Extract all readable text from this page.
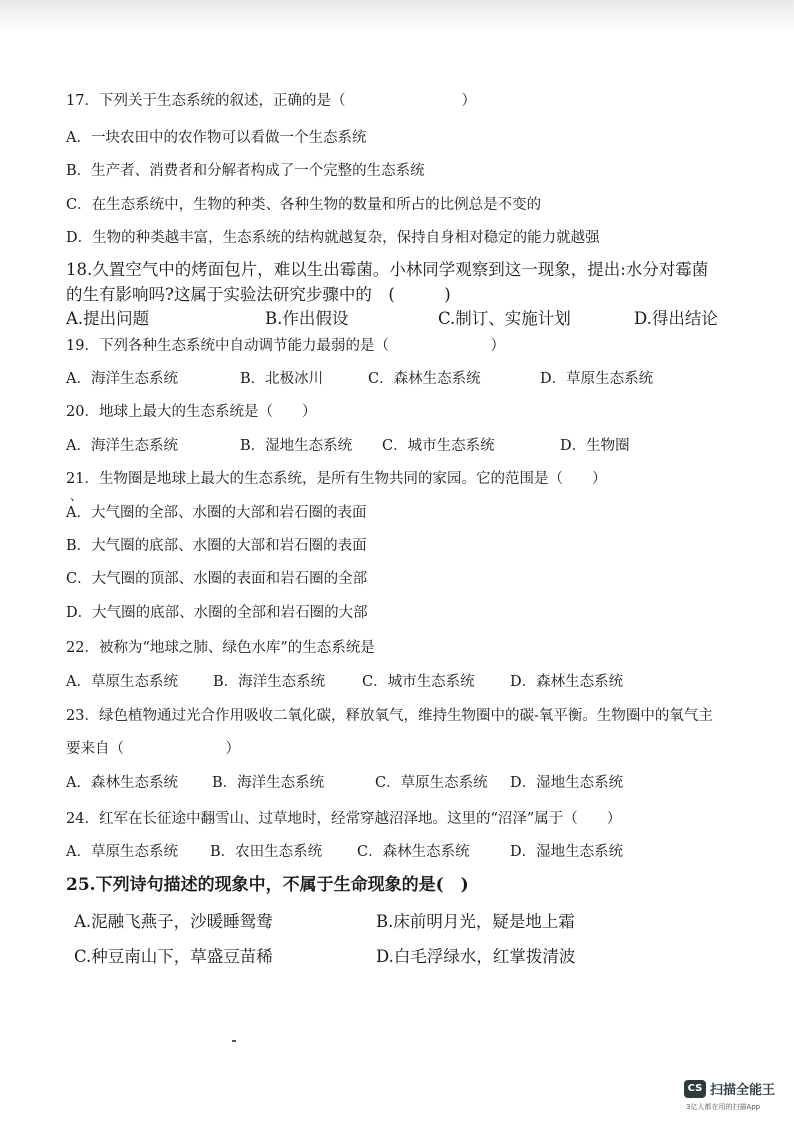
17．下列关于生态系统的叙述，正确的是（　　　　　　　　）
A．一块农田中的农作物可以看做一个生态系统
B．生产者、消费者和分解者构成了一个完整的生态系统
C．在生态系统中，生物的种类、各种生物的数量和所占的比例总是不变的
D．生物的种类越丰富，生态系统的结构就越复杂，保持自身相对稳定的能力就越强
18.久置空气中的烤面包片，难以生出霉菌。小林同学观察到这一现象，提出:水分对霉菌
的生有影响吗?这属于实验法研究步骤中的　(　　　)
A.提出问题	B.作出假设	C.制订、实施计划	D.得出结论
19．下列各种生态系统中自动调节能力最弱的是（　　　　　　　）
A．海洋生态系统	B．北极冰川	C．森林生态系统	D．草原生态系统
20．地球上最大的生态系统是（　　）
A．海洋生态系统	B．湿地生态系统 C．城市生态系统	D．生物圈
21．生物圈是地球上最大的生态系统，是所有生物共同的家园。它的范围是（　　）
、
A．大气圈的全部、水圈的大部和岩石圈的表面
B．大气圈的底部、水圈的大部和岩石圈的表面
C．大气圈的顶部、水圈的表面和岩石圈的全部
D．大气圈的底部、水圈的全部和岩石圈的大部
22．被称为“地球之肺、绿色水库”的生态系统是
A．草原生态系统 B．海洋生态系统	C．城市生态系统 D．森林生态系统
23．绿色植物通过光合作用吸收二氧化碳，释放氧气，维持生物圈中的碳-氧平衡。生物圈中的氧气主
要来自（　　　　　　　）
A．森林生态系统 B．海洋生态系统	C．草原生态系统 D．湿地生态系统
24．红军在长征途中翻雪山、过草地时，经常穿越沼泽地。这里的“沼泽”属于（　　）
A．草原生态系统 B．农田生态系统 C．森林生态系统	D．湿地生态系统
25.下列诗句描述的现象中，不属于生命现象的是(　)
A.泥融飞燕子，沙暖睡鸳鸯	B.床前明月光，疑是地上霜
C.种豆南山下，草盛豆苗稀	D.白毛浮绿水，红掌拨清波
CS 扫描全能王
3亿人都在用的扫描App
